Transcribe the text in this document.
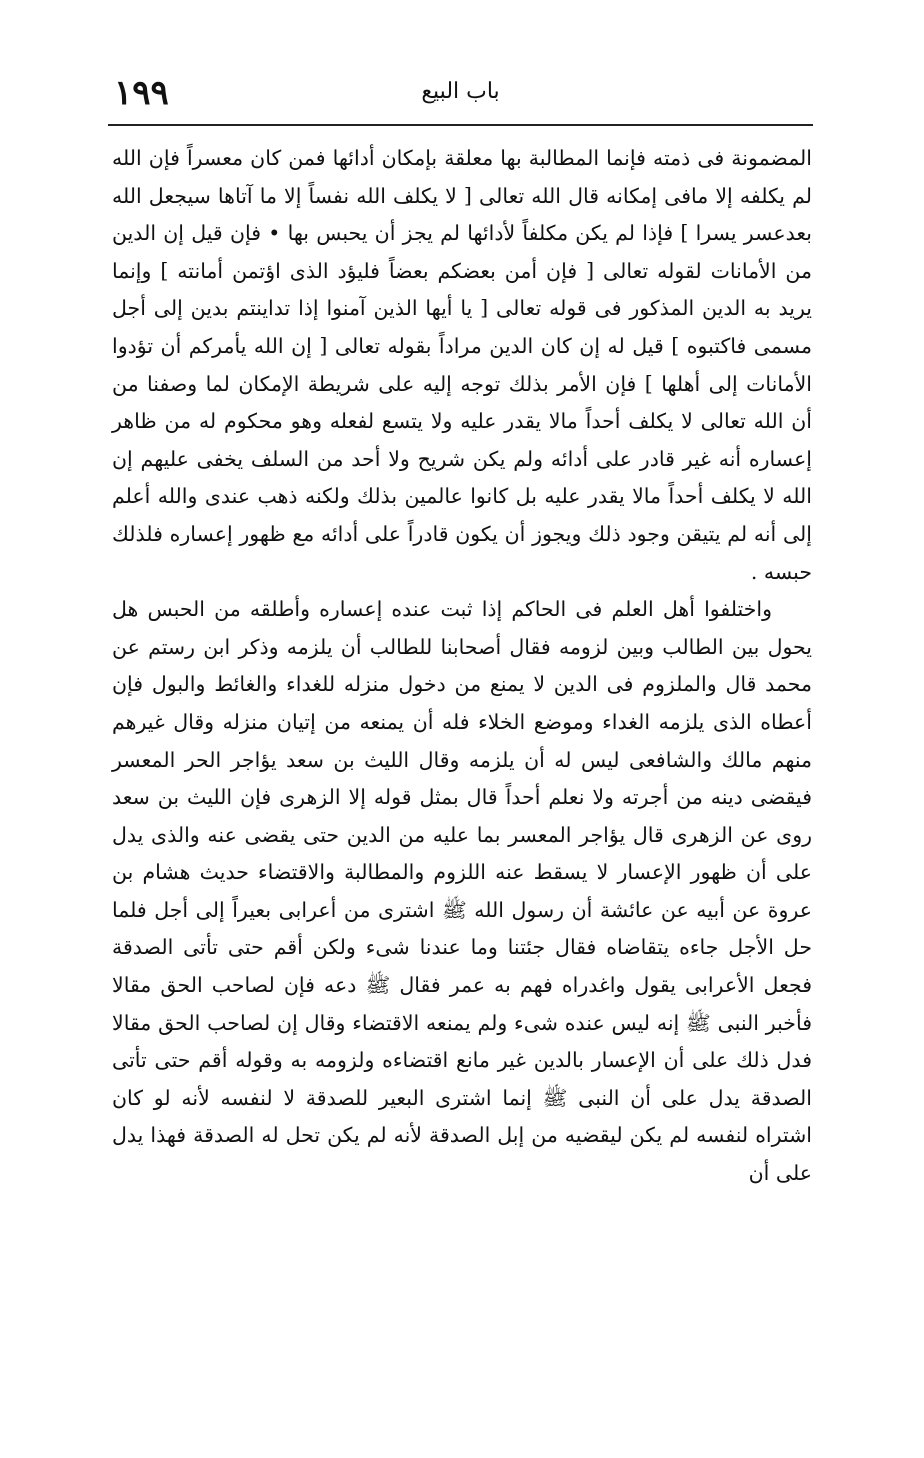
١٩٩	باب البيع

المضمونة فى ذمته فإنما المطالبة بها معلقة بإمكان أدائها فمن كان معسراً فإن الله لم يكلفه إلا مافى إمكانه قال الله تعالى [ لا يكلف الله نفساً إلا ما آتاها سيجعل الله بعدعسر يسرا ] فإذا لم يكن مكلفاً لأدائها لم يجز أن يحبس بها • فإن قيل إن الدين من الأمانات لقوله تعالى [ فإن أمن بعضكم بعضاً فليؤد الذى اؤتمن أمانته ] وإنما يريد به الدين المذكور فى قوله تعالى [ يا أيها الذين آمنوا إذا تداينتم بدين إلى أجل مسمى فاكتبوه ] قيل له إن كان الدين مراداً بقوله تعالى [ إن الله يأمركم أن تؤدوا الأمانات إلى أهلها ] فإن الأمر بذلك توجه إليه على شريطة الإمكان لما وصفنا من أن الله تعالى لا يكلف أحداً مالا يقدر عليه ولا يتسع لفعله وهو محكوم له من ظاهر إعساره أنه غير قادر على أدائه ولم يكن شريح ولا أحد من السلف يخفى عليهم إن الله لا يكلف أحداً مالا يقدر عليه بل كانوا عالمين بذلك ولكنه ذهب عندى والله أعلم إلى أنه لم يتيقن وجود ذلك ويجوز أن يكون قادراً على أدائه مع ظهور إعساره فلذلك حبسه .

واختلفوا أهل العلم فى الحاكم إذا ثبت عنده إعساره وأطلقه من الحبس هل يحول بين الطالب وبين لزومه فقال أصحابنا للطالب أن يلزمه وذكر ابن رستم عن محمد قال والملزوم فى الدين لا يمنع من دخول منزله للغداء والغائط والبول فإن أعطاه الذى يلزمه الغداء وموضع الخلاء فله أن يمنعه من إتيان منزله وقال غيرهم منهم مالك والشافعى ليس له أن يلزمه وقال الليث بن سعد يؤاجر الحر المعسر فيقضى دينه من أجرته ولا نعلم أحداً قال بمثل قوله إلا الزهرى فإن الليث بن سعد روى عن الزهرى قال يؤاجر المعسر بما عليه من الدين حتى يقضى عنه والذى يدل على أن ظهور الإعسار لا يسقط عنه اللزوم والمطالبة والاقتضاء حديث هشام بن عروة عن أبيه عن عائشة أن رسول الله ﷺ اشترى من أعرابى بعيراً إلى أجل فلما حل الأجل جاءه يتقاضاه فقال جئتنا وما عندنا شىء ولكن أقم حتى تأتى الصدقة فجعل الأعرابى يقول واغدراه فهم به عمر فقال ﷺ دعه فإن لصاحب الحق مقالا فأخبر النبى ﷺ إنه ليس عنده شىء ولم يمنعه الاقتضاء وقال إن لصاحب الحق مقالا فدل ذلك على أن الإعسار بالدين غير مانع اقتضاءه ولزومه به وقوله أقم حتى تأتى الصدقة يدل على أن النبى ﷺ إنما اشترى البعير للصدقة لا لنفسه لأنه لو كان اشتراه لنفسه لم يكن ليقضيه من إبل الصدقة لأنه لم يكن تحل له الصدقة فهذا يدل على أن
